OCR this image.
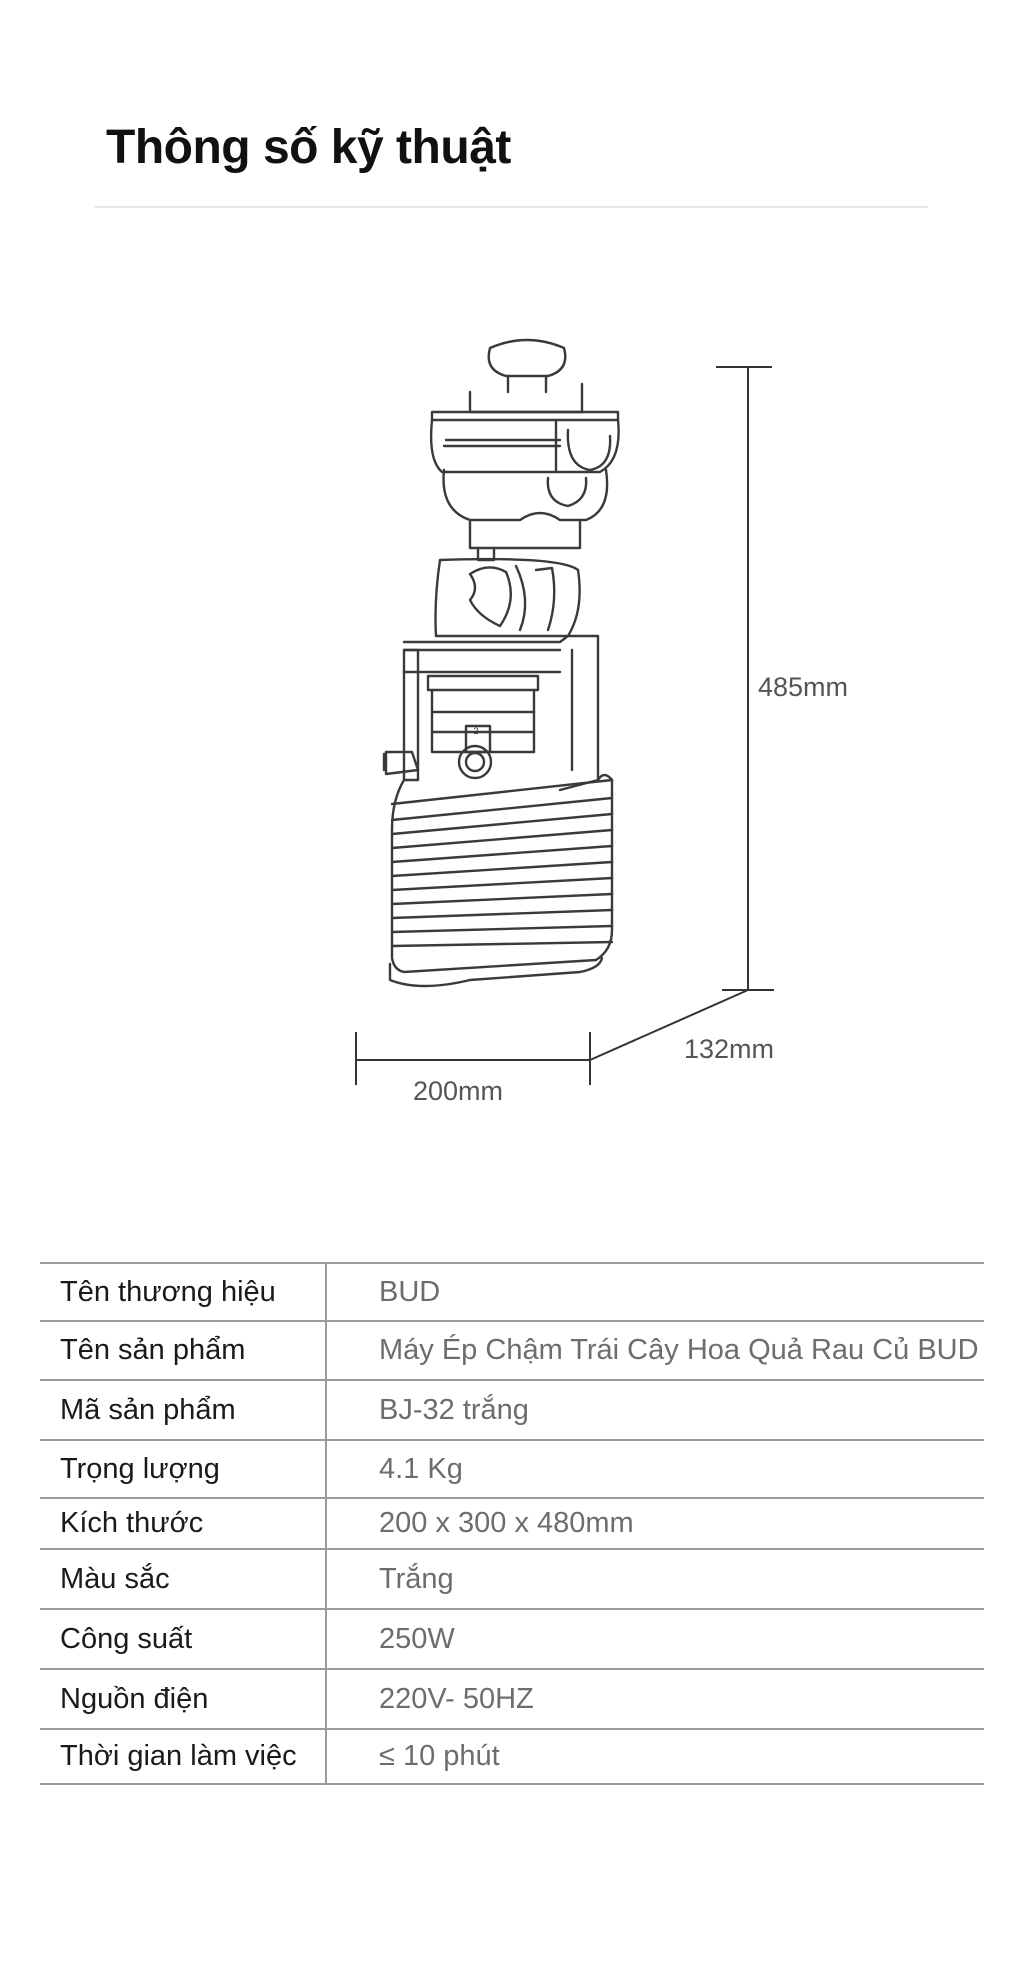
Thông số kỹ thuật
2
485mm
132mm
200mm
Tên thương hiệu	BUD
Tên sản phẩm	Máy Ép Chậm Trái Cây Hoa Quả Rau Củ BUD
Mã sản phẩm	BJ-32 trắng
Trọng lượng	4.1 Kg
Kích thước	200 x 300 x 480mm
Màu sắc	Trắng
Công suất	250W
Nguồn điện	220V- 50HZ
Thời gian làm việc	≤ 10 phút
